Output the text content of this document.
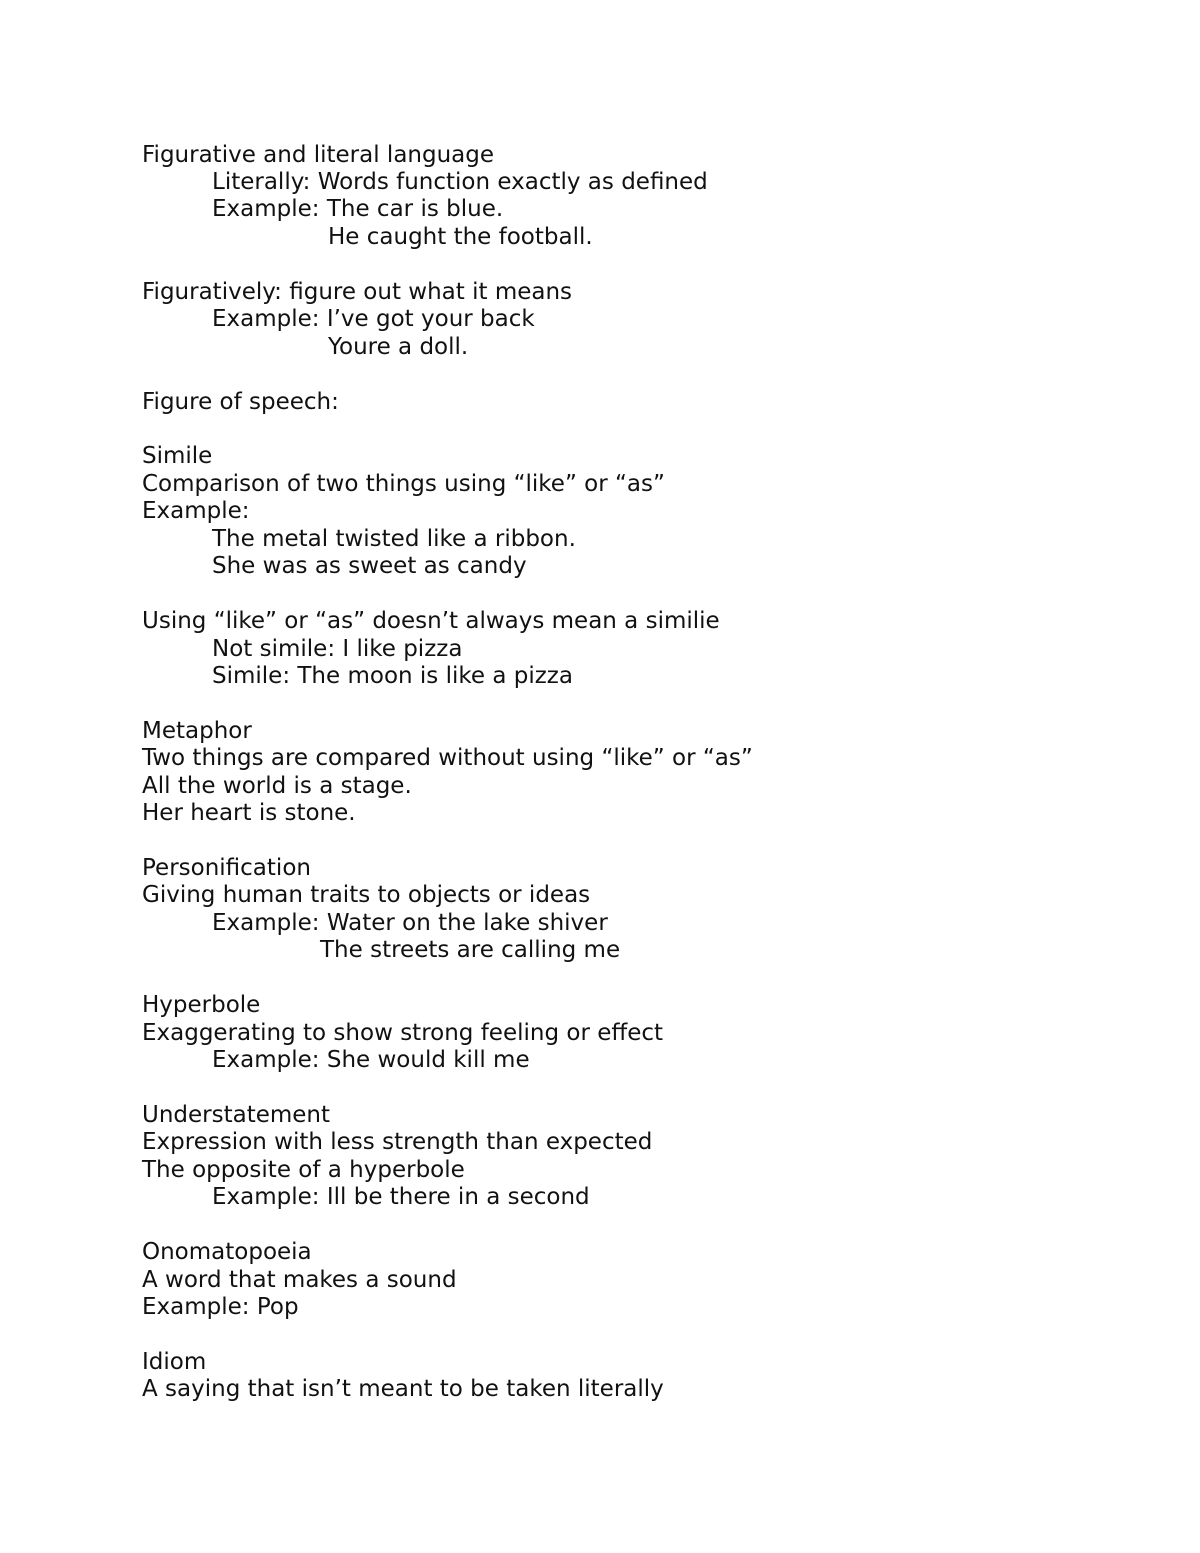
Figurative and literal language
Literally: Words function exactly as defined
Example: The car is blue.
He caught the football.
Figuratively: figure out what it means
Example: I’ve got your back
Youre a doll.
Figure of speech:
Simile
Comparison of two things using “like” or “as”
Example:
The metal twisted like a ribbon.
She was as sweet as candy
Using “like” or “as” doesn’t always mean a similie
Not simile: I like pizza
Simile: The moon is like a pizza
Metaphor
Two things are compared without using “like” or “as”
All the world is a stage.
Her heart is stone.
Personification
Giving human traits to objects or ideas
Example: Water on the lake shiver
The streets are calling me
Hyperbole
Exaggerating to show strong feeling or effect
Example: She would kill me
Understatement
Expression with less strength than expected
The opposite of a hyperbole
Example: Ill be there in a second
Onomatopoeia
A word that makes a sound
Example: Pop
Idiom
A saying that isn’t meant to be taken literally
